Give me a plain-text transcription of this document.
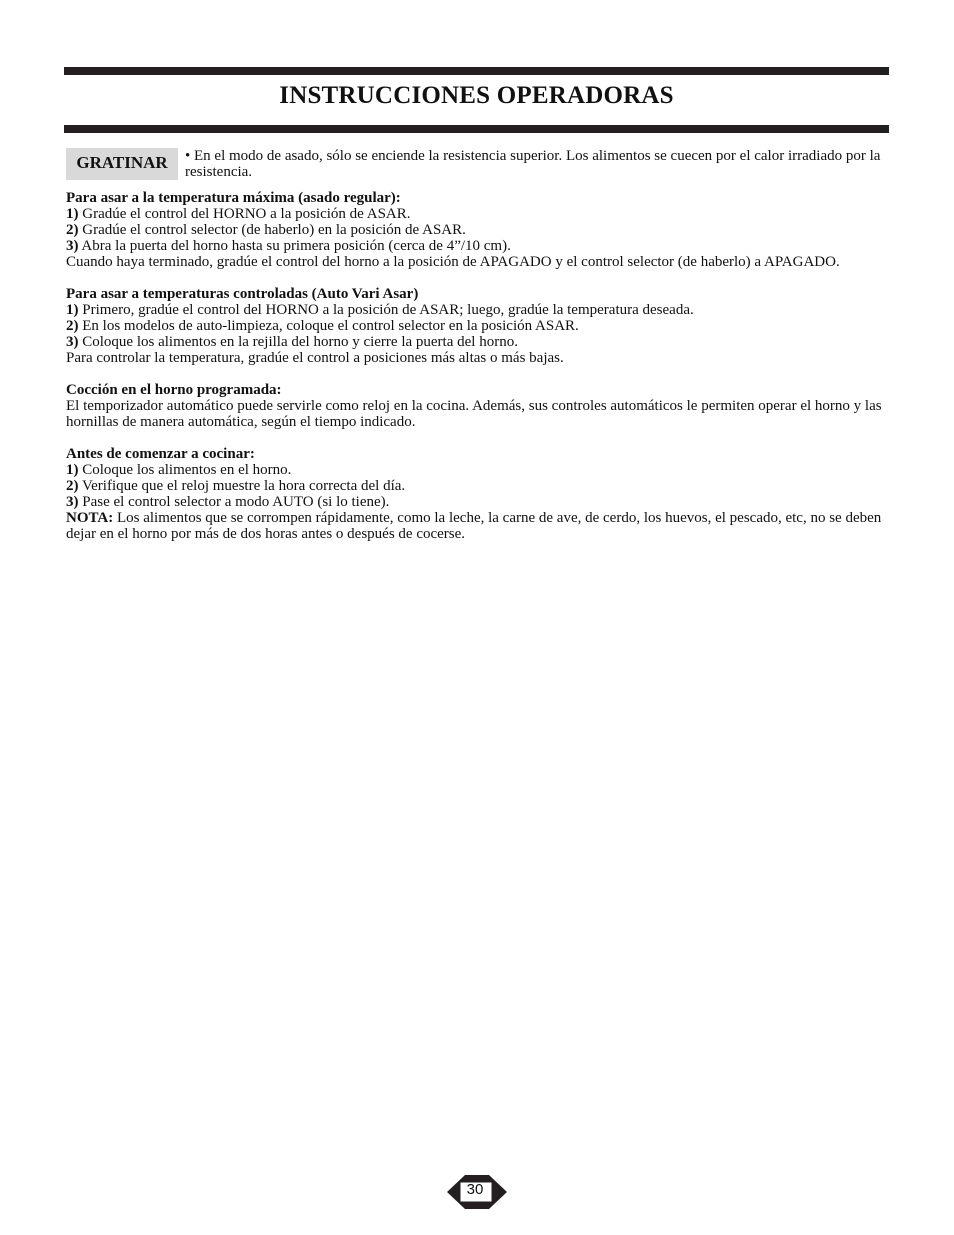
INSTRUCCIONES OPERADORAS
GRATINAR	• En el modo de asado, sólo se enciende la resistencia superior. Los alimentos se cuecen por el calor irradiado por la resistencia.

Para asar a la temperatura máxima (asado regular):

1) Gradúe el control del HORNO a la posición de ASAR.

2) Gradúe el control selector (de haberlo) en la posición de ASAR.

3) Abra la puerta del horno hasta su primera posición (cerca de 4”/10 cm).

Cuando haya terminado, gradúe el control del horno a la posición de APAGADO y el control selector (de haberlo) a APAGADO.

Para asar a temperaturas controladas (Auto Vari Asar)

1) Primero, gradúe el control del HORNO a la posición de ASAR; luego, gradúe la temperatura deseada.

2) En los modelos de auto-limpieza, coloque el control selector en la posición ASAR.

3) Coloque los alimentos en la rejilla del horno y cierre la puerta del horno.

Para controlar la temperatura, gradúe el control a posiciones más altas o más bajas.

Cocción en el horno programada:

El temporizador automático puede servirle como reloj en la cocina. Además, sus controles automáticos le permiten operar el horno y las hornillas de manera automática, según el tiempo indicado.

Antes de comenzar a cocinar:

1) Coloque los alimentos en el horno.

2) Verifique que el reloj muestre la hora correcta del día.

3) Pase el control selector a modo AUTO (si lo tiene).

NOTA: Los alimentos que se corrompen rápidamente, como la leche, la carne de ave, de cerdo, los huevos, el pescado, etc, no se deben dejar en el horno por más de dos horas antes o después de cocerse.

30
